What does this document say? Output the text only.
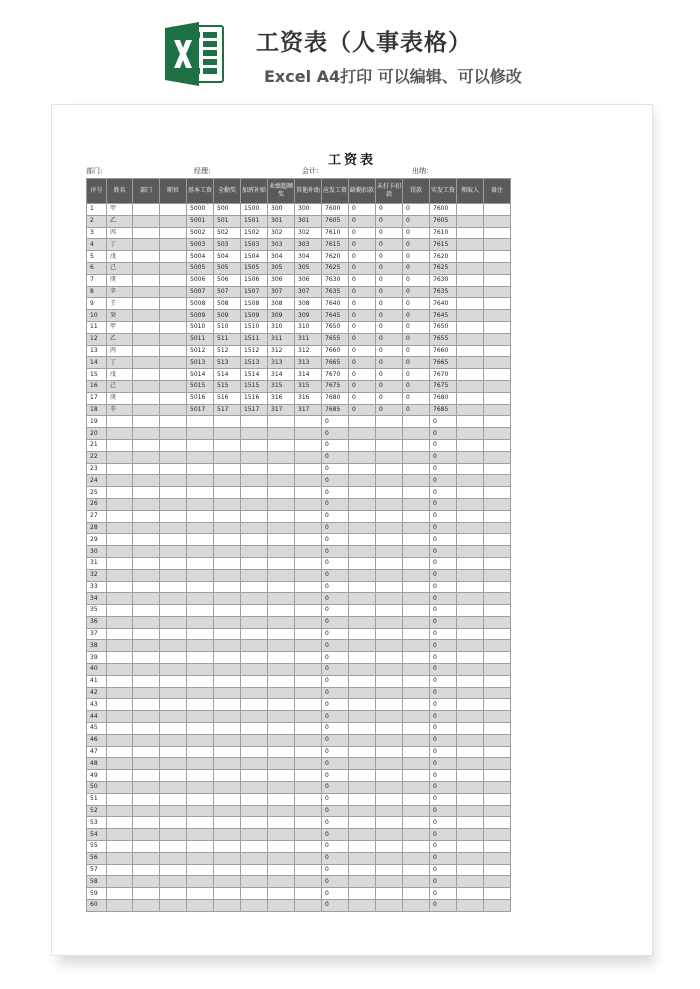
工资表（人事表格）
Excel A4打印 可以编辑、可以修改
工资表
部门:	经理:	会计:	出纳：
序号	姓名	部门	职位	基本工资	全勤奖	加班补贴	业绩超额奖	其他补助	应发工资	缺勤扣款	未打卡扣款	罚款	实发工资	领取人	备注
1	甲			5000	500	1500	300	300	7600	0	0	0	7600		
2	乙			5001	501	1501	301	301	7605	0	0	0	7605		
3	丙			5002	502	1502	302	302	7610	0	0	0	7610		
4	丁			5003	503	1503	303	303	7615	0	0	0	7615		
5	戊			5004	504	1504	304	304	7620	0	0	0	7620		
6	己			5005	505	1505	305	305	7625	0	0	0	7625		
7	庚			5006	506	1506	306	306	7630	0	0	0	7630		
8	辛			5007	507	1507	307	307	7635	0	0	0	7635		
9	壬			5008	508	1508	308	308	7640	0	0	0	7640		
10	癸			5009	509	1509	309	309	7645	0	0	0	7645		
11	甲			5010	510	1510	310	310	7650	0	0	0	7650		
12	乙			5011	511	1511	311	311	7655	0	0	0	7655		
13	丙			5012	512	1512	312	312	7660	0	0	0	7660		
14	丁			5013	513	1513	313	313	7665	0	0	0	7665		
15	戊			5014	514	1514	314	314	7670	0	0	0	7670		
16	己			5015	515	1515	315	315	7675	0	0	0	7675		
17	庚			5016	516	1516	316	316	7680	0	0	0	7680		
18	辛			5017	517	1517	317	317	7685	0	0	0	7685		
19									0				0		
20									0				0		
21									0				0		
22									0				0		
23									0				0		
24									0				0		
25									0				0		
26									0				0		
27									0				0		
28									0				0		
29									0				0		
30									0				0		
31									0				0		
32									0				0		
33									0				0		
34									0				0		
35									0				0		
36									0				0		
37									0				0		
38									0				0		
39									0				0		
40									0				0		
41									0				0		
42									0				0		
43									0				0		
44									0				0		
45									0				0		
46									0				0		
47									0				0		
48									0				0		
49									0				0		
50									0				0		
51									0				0		
52									0				0		
53									0				0		
54									0				0		
55									0				0		
56									0				0		
57									0				0		
58									0				0		
59									0				0		
60									0				0		
